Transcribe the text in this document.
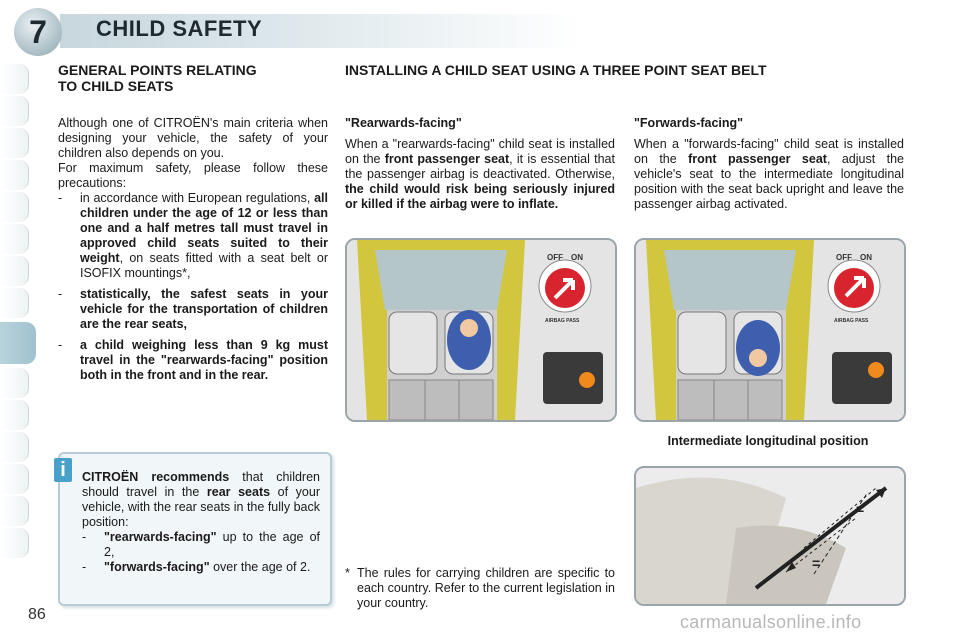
7	CHILD SAFETY
GENERAL POINTS RELATING
TO CHILD SEATS

Although one of CITROËN's main criteria when designing your vehicle, the safety of your children also depends on you.

For maximum safety, please follow these precautions:

-	in accordance with European regulations, all children under the age of 12 or less than one and a half metres tall must travel in approved child seats suited to their weight, on seats fitted with a seat belt or ISOFIX mountings*,
-	statistically, the safest seats in your vehicle for the transportation of children are the rear seats,
-	a child weighing less than 9 kg must travel in the "rearwards-facing" position both in the front and in the rear.
i	CITROËN recommends that children should travel in the rear seats of your vehicle, with the rear seats in the fully back position:

-	"rearwards-facing" up to the age of 2,
-	"forwards-facing" over the age of 2.
INSTALLING A CHILD SEAT USING A THREE POINT SEAT BELT

"Rearwards-facing"

When a "rearwards-facing" child seat is installed on the front passenger seat, it is essential that the passenger airbag is deactivated. Otherwise, the child would risk being seriously injured or killed if the airbag were to inflate.

"Forwards-facing"

When a "forwards-facing" child seat is installed on the front passenger seat, adjust the vehicle's seat to the intermediate longitudinal position with the seat back upright and leave the passenger airbag activated.

OFF ON
AIRBAG PASS
OFF ON
AIRBAG PASS
Intermediate longitudinal position
=
=
* The rules for carrying children are specific to each country. Refer to the current legislation in your country.
86	carmanualsonline.info
